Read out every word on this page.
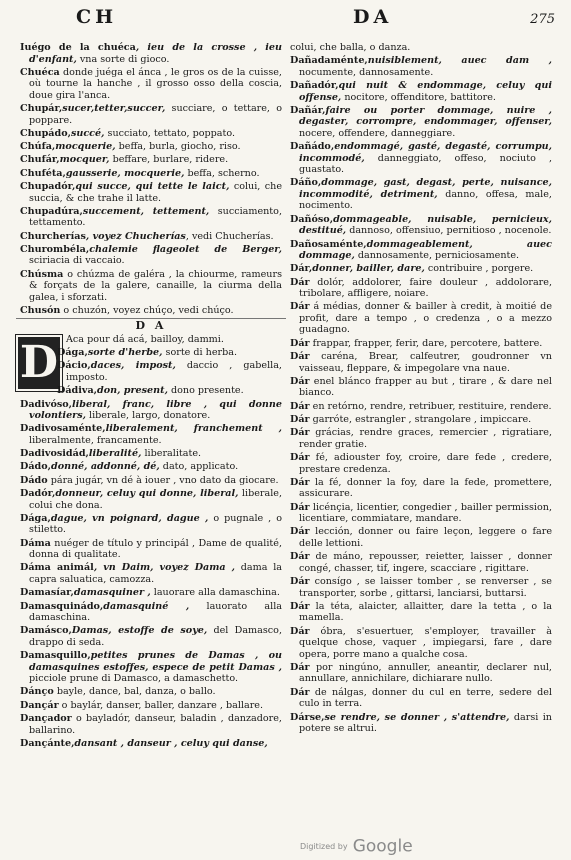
CH	DA	275
Iuégo de la chuéca, ieu de la crosse , ieu d'enfant, vna sorte di gioco.
Chuéca donde juéga el ánca , le gros os de la cuisse, où tourne la hanche , il grosso osso della coscia, doue gira l'anca.
Chupár,sucer,tetter,succer, succiare, o tettare, o poppare.
Chupádo,succé, succiato, tettato, poppato.
Chúfa,mocquerie, beffa, burla, giocho, riso.
Chufár,mocquer, beffare, burlare, ridere.
Chuféta,gausserie, mocquerie, beffa, scherno.
Chupadór,qui succe, qui tette le laict, colui, che succia, & che trahe il latte.
Chupadúra,succement, tettement, succiamento, tettamento.
Churcherías, voyez Chucherías, vedi Chucherías.
Churombéla,chalemie flageolet de Berger, sciriacia di vaccaio.
Chúsma o chúzma de galéra , la chiourme, rameurs & forçats de la galere, canaille, la ciurma della galea, i sforzati.
Chusón o chuzón, voyez chúço, vedi chúço.
D A
D Aca pour dá acá, bailloy, dammi.
Dága,sorte d'herbe, sorte di herba.
Dácio,daces, impost, daccio , gabella, imposto.
Dádiva,don, present, dono presente.
Dadivóso,liberal, franc, libre , qui donne volontiers, liberale, largo, donatore.
Dadivosaménte,liberalement, franchement , liberalmente, francamente.
Dadivosidád,liberalité, liberalitate.
Dádo,donné, addonné, dé, dato, applicato.
Dádo pára jugár, vn dé à iouer , vno dato da giocare.
Dadór,donneur, celuy qui donne, liberal, liberale, colui che dona.
Dága,dague, vn poignard, dague , o pugnale , o stiletto.
Dáma nuéger de título y principál , Dame de qualité, donna di qualitate.
Dáma animál, vn Daim, voyez Dama , dama la capra saluatica, camozza.
Damasíar,damasquiner , lauorare alla damaschina.
Damasquinádo,damasquiné , lauorato alla damaschina.
Damásco,Damas, estoffe de soye, del Damasco, drappo di seda.
Damasquillo,petites prunes de Damas , ou damasquines estoffes, espece de petit Damas , picciole prune di Damasco, a damaschetto.
Dánço bayle, dance, bal, danza, o ballo.
Dançár o baylár, danser, baller, danzare , ballare.
Dançador o bayladór, danseur, baladin , danzadore, ballarino.
Dançánte,dansant , danseur , celuy qui danse,
colui, che balla, o danza.
Dañadaménte,nuisiblement, auec dam , nocumente, dannosamente.
Dañadór,qui nuit & endommage, celuy qui offense, nocitore, offenditore, battitore.
Dañár,faire ou porter dommage, nuire , degaster, corrompre, endommager, offenser, nocere, offendere, danneggiare.
Dañádo,endommagé, gasté, degasté, corrumpu, incommodé, danneggiato, offeso, nociuto , guastato.
Dáño,dommage, gast, degast, perte, nuisance, incommodité, detriment, danno, offesa, male, nocimento.
Dañóso,dommageable, nuisable, pernicieux, destitué, dannoso, offensiuo, pernitioso , nocenole.
Dañosaménte,dommageablement, auec dommage, dannosamente, perniciosamente.
Dár,donner, bailler, dare, contribuire , porgere.
Dár dolór, addolorer, faire douleur , addolorare, tribolare, affligere, noiare.
Dár á médias, donner & bailler à credit, à moitié de profit, dare a tempo , o credenza , o a mezzo guadagno.
Dár frappar, frapper, ferir, dare, percotere, battere.
Dár caréna, Brear, calfeutrer, goudronner vn vaisseau, fleppare, & impegolare vna naue.
Dár enel blánco frapper au but , tirare , & dare nel bianco.
Dár en retórno, rendre, retribuer, restituire, rendere.
Dár garróte, estrangler , strangolare , impiccare.
Dár grácias, rendre graces, remercier , rigratiare, render gratie.
Dár fé, adiouster foy, croire, dare fede , credere, prestare credenza.
Dár la fé, donner la foy, dare la fede, promettere, assicurare.
Dár licénçia, licentier, congedier , bailler permission, licentiare, commiatare, mandare.
Dár lección, donner ou faire leçon, leggere o fare delle lettioni.
Dár de máno, repousser, reietter, laisser , donner congé, chasser, tif, ingere, scacciare , rigittare.
Dár consígo , se laisser tomber , se renverser , se transporter, sorbe , gittarsi, lanciarsi, buttarsi.
Dár la téta, alaicter, allaitter, dare la tetta , o la mamella.
Dár óbra, s'esuertuer, s'employer, travailler à quelque chose, vaquer , impiegarsi, fare , dare opera, porre mano a qualche cosa.
Dár por ningúno, annuller, aneantir, declarer nul, annullare, annichilare, dichiarare nullo.
Dár de nálgas, donner du cul en terre, sedere del culo in terra.
Dárse,se rendre, se donner , s'attendre, darsi in potere se altrui.
Digitized by Google
